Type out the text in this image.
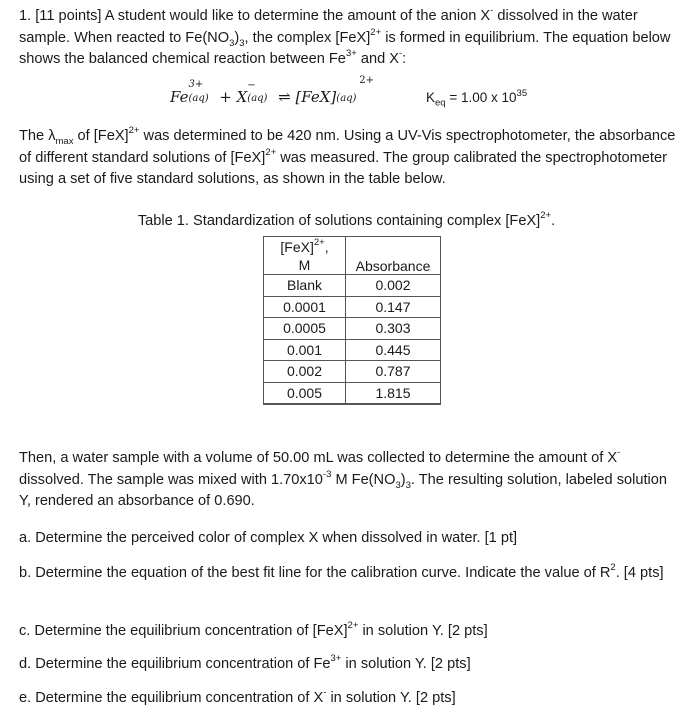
1. [11 points] A student would like to determine the amount of the anion X- dissolved in the water sample. When reacted to $Fe(NO_3)_3$, the complex [FeX]$^{2+}$ is formed in equilibrium. The equation below shows the balanced chemical reaction between $Fe^{3+}$ and X-:

Fe
3+
(aq) + X
−
(aq) ⇌ [FeX] (aq)
2+
$K_{eq} = 1.00$ x $10^{35}$

The $\lambda_{max}$ of [FeX]$^{2+}$ was determined to be 420 nm. Using a UV-Vis spectrophotometer, the absorbance of different standard solutions of [FeX]$^{2+}$ was measured. The group calibrated the spectrophotometer using a set of five standard solutions, as shown in the table below.

Table 1. Standardization of solutions containing complex [FeX]$^{2+}$.
[FeX]$^{2+}$,
M	Absorbance
Blank	0.002
0.0001	0.147
0.0005	0.303
0.001	0.445
0.002	0.787
0.005	1.815

Then, a water sample with a volume of 50.00 mL was collected to determine the amount of X- dissolved. The sample was mixed with $1.70x10^{-3}$ M $Fe(NO_3)_3$. The resulting solution, labeled solution Y, rendered an absorbance of 0.690.

a. Determine the perceived color of complex X when dissolved in water. [1 pt]

b. Determine the equation of the best fit line for the calibration curve. Indicate the value of $R^2$. [4 pts]

c. Determine the equilibrium concentration of [FeX]$^{2+}$ in solution Y. [2 pts]

d. Determine the equilibrium concentration of $Fe^{3+}$ in solution Y. [2 pts]

e. Determine the equilibrium concentration of X- in solution Y. [2 pts]
